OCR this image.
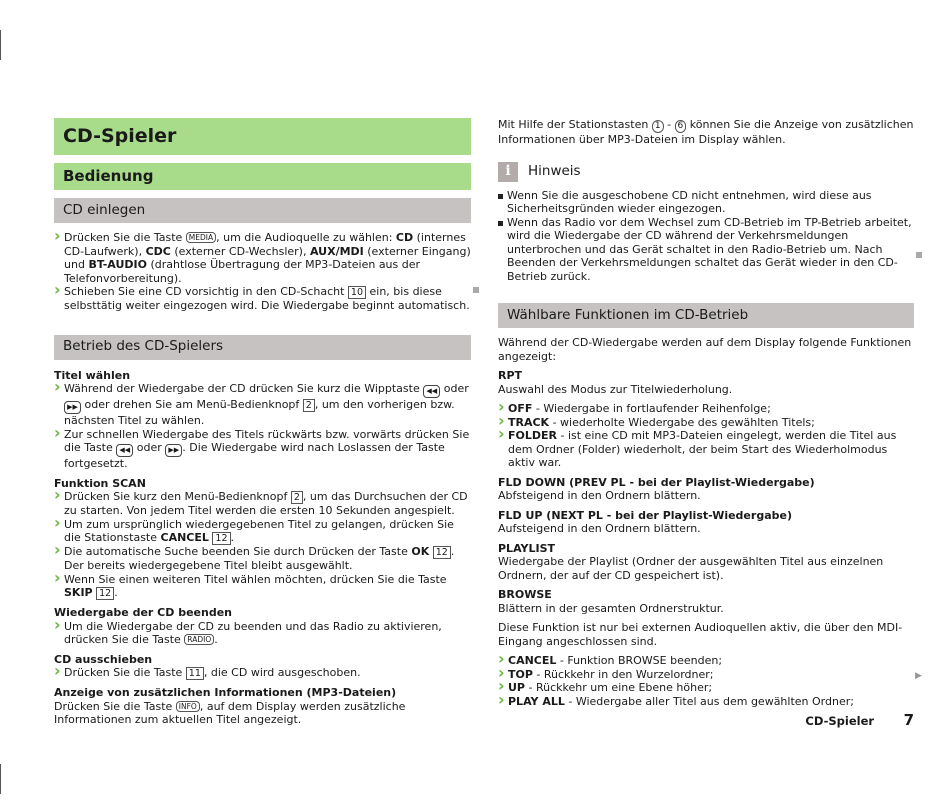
CD-Spieler
Bedienung
CD einlegen
› Drücken Sie die Taste MEDIA , um die Audioquelle zu wählen: CD (internes CD-Laufwerk), CDC (externer CD-Wechsler), AUX/MDI (externer Eingang) und BT-AUDIO (drahtlose Übertragung der MP3-Dateien aus der Telefonvorbereitung).
› Schieben Sie eine CD vorsichtig in den CD-Schacht 10 ein, bis diese selbsttätig weiter eingezogen wird. Die Wiedergabe beginnt automatisch.
Betrieb des CD-Spielers

Titel wählen

› Während der Wiedergabe der CD drücken Sie kurz die Wipptaste ◀◀ oder ▶▶ oder drehen Sie am Menü-Bedienknopf 2 , um den vorherigen bzw. nächsten Titel zu wählen.
› Zur schnellen Wiedergabe des Titels rückwärts bzw. vorwärts drücken Sie die Taste ◀◀ oder ▶▶ . Die Wiedergabe wird nach Loslassen der Taste fortgesetzt.

Funktion SCAN

› Drücken Sie kurz den Menü-Bedienknopf 2 , um das Durchsuchen der CD zu starten. Von jedem Titel werden die ersten 10 Sekunden angespielt.
› Um zum ursprünglich wiedergegebenen Titel zu gelangen, drücken Sie die Stationstaste CANCEL 12 .
› Die automatische Suche beenden Sie durch Drücken der Taste OK 12 . Der bereits wiedergegebene Titel bleibt ausgewählt.
› Wenn Sie einen weiteren Titel wählen möchten, drücken Sie die Taste SKIP 12 .

Wiedergabe der CD beenden

› Um die Wiedergabe der CD zu beenden und das Radio zu aktivieren, drücken Sie die Taste RADIO .

CD ausschieben

› Drücken Sie die Taste 11 , die CD wird ausgeschoben.

Anzeige von zusätzlichen Informationen (MP3-Dateien)

Drücken Sie die Taste INFO , auf dem Display werden zusätzliche Informationen zum aktuellen Titel angezeigt.

Mit Hilfe der Stationstasten 1 - 6 können Sie die Anzeige von zusätzlichen Informationen über MP3-Dateien im Display wählen.

i	Hinweis
Wenn Sie die ausgeschobene CD nicht entnehmen, wird diese aus Sicherheitsgründen wieder eingezogen.
Wenn das Radio vor dem Wechsel zum CD-Betrieb im TP-Betrieb arbeitet, wird die Wiedergabe der CD während der Verkehrsmeldungen unterbrochen und das Gerät schaltet in den Radio-Betrieb um. Nach Beenden der Verkehrsmeldungen schaltet das Gerät wieder in den CD-Betrieb zurück.
Wählbare Funktionen im CD-Betrieb

Während der CD-Wiedergabe werden auf dem Display folgende Funktionen angezeigt:

RPT

Auswahl des Modus zur Titelwiederholung.

› OFF - Wiedergabe in fortlaufender Reihenfolge;
› TRACK - wiederholte Wiedergabe des gewählten Titels;
› FOLDER - ist eine CD mit MP3-Dateien eingelegt, werden die Titel aus dem Ordner (Folder) wiederholt, der beim Start des Wiederholmodus aktiv war.

FLD DOWN (PREV PL - bei der Playlist-Wiedergabe)

Abfsteigend in den Ordnern blättern.

FLD UP (NEXT PL - bei der Playlist-Wiedergabe)

Aufsteigend in den Ordnern blättern.

PLAYLIST

Wiedergabe der Playlist (Ordner der ausgewählten Titel aus einzelnen Ordnern, der auf der CD gespeichert ist).

BROWSE

Blättern in der gesamten Ordnerstruktur.

Diese Funktion ist nur bei externen Audioquellen aktiv, die über den MDI-Eingang angeschlossen sind.

› CANCEL - Funktion BROWSE beenden;
› TOP - Rückkehr in den Wurzelordner;
› UP - Rückkehr um eine Ebene höher;
› PLAY ALL - Wiedergabe aller Titel aus dem gewählten Ordner;
▶
CD-Spieler 7
